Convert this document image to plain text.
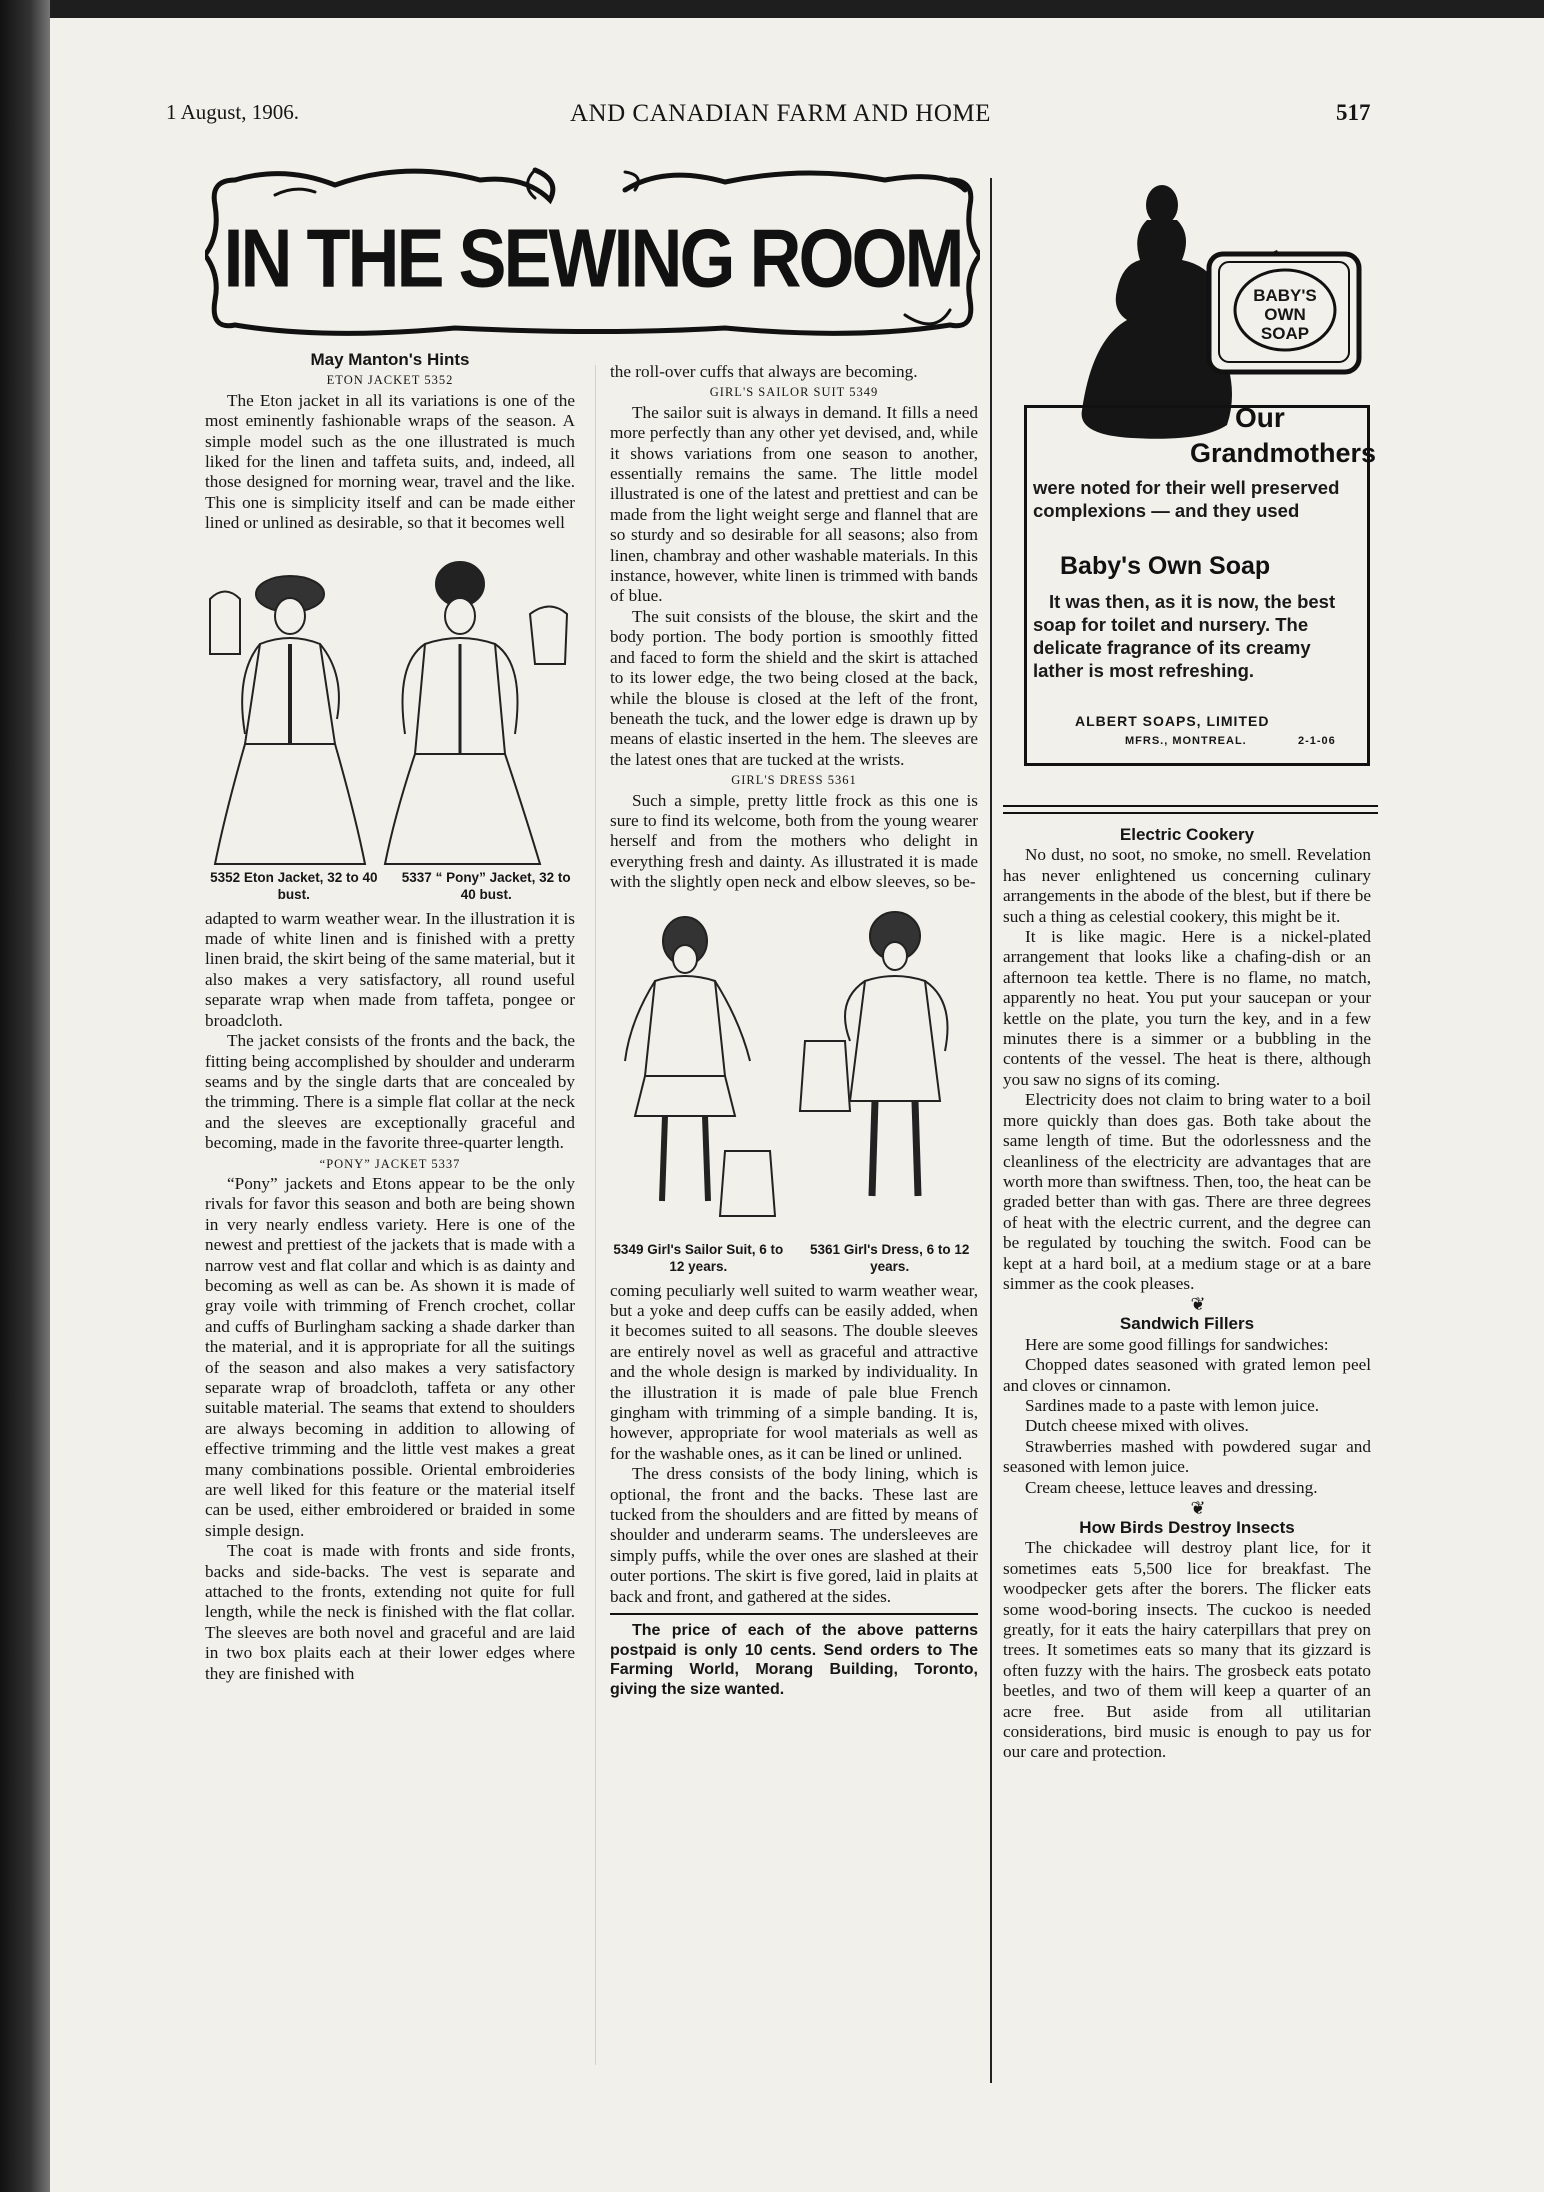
1 August, 1906.	AND CANADIAN FARM AND HOME	517
IN THE SEWING ROOM

May Manton's Hints

ETON JACKET 5352

The Eton jacket in all its variations is one of the most eminently fashionable wraps of the season. A simple model such as the one illustrated is much liked for the linen and taffeta suits, and, indeed, all those designed for morning wear, travel and the like. This one is simplicity itself and can be made either lined or unlined as desirable, so that it becomes well

5352 Eton Jacket, 32 to 40 bust.
5337 “ Pony” Jacket, 32 to 40 bust.

adapted to warm weather wear. In the illustration it is made of white linen and is finished with a pretty linen braid, the skirt being of the same material, but it also makes a very satisfactory, all round useful separate wrap when made from taffeta, pongee or broadcloth.

The jacket consists of the fronts and the back, the fitting being accomplished by shoulder and underarm seams and by the single darts that are concealed by the trimming. There is a simple flat collar at the neck and the sleeves are exceptionally graceful and becoming, made in the favorite three-quarter length.

“PONY” JACKET 5337

“Pony” jackets and Etons appear to be the only rivals for favor this season and both are being shown in very nearly endless variety. Here is one of the newest and prettiest of the jackets that is made with a narrow vest and flat collar and which is as dainty and becoming as well as can be. As shown it is made of gray voile with trimming of French crochet, collar and cuffs of Burlingham sacking a shade darker than the material, and it is appropriate for all the suitings of the season and also makes a very satisfactory separate wrap of broadcloth, taffeta or any other suitable material. The seams that extend to shoulders are always becoming in addition to allowing of effective trimming and the little vest makes a great many combinations possible. Oriental embroideries are well liked for this feature or the material itself can be used, either embroidered or braided in some simple design.

The coat is made with fronts and side fronts, backs and side-backs. The vest is separate and attached to the fronts, extending not quite for full length, while the neck is finished with the flat collar. The sleeves are both novel and graceful and are laid in two box plaits each at their lower edges where they are finished with

the roll-over cuffs that always are becoming.

GIRL'S SAILOR SUIT 5349

The sailor suit is always in demand. It fills a need more perfectly than any other yet devised, and, while it shows variations from one season to another, essentially remains the same. The little model illustrated is one of the latest and prettiest and can be made from the light weight serge and flannel that are so sturdy and so desirable for all seasons; also from linen, chambray and other washable materials. In this instance, however, white linen is trimmed with bands of blue.

The suit consists of the blouse, the skirt and the body portion. The body portion is smoothly fitted and faced to form the shield and the skirt is attached to its lower edge, the two being closed at the back, while the blouse is closed at the left of the front, beneath the tuck, and the lower edge is drawn up by means of elastic inserted in the hem. The sleeves are the latest ones that are tucked at the wrists.

GIRL'S DRESS 5361

Such a simple, pretty little frock as this one is sure to find its welcome, both from the young wearer herself and from the mothers who delight in everything fresh and dainty. As illustrated it is made with the slightly open neck and elbow sleeves, so be-

5349 Girl's Sailor Suit, 6 to 12 years.
5361 Girl's Dress, 6 to 12 years.

coming peculiarly well suited to warm weather wear, but a yoke and deep cuffs can be easily added, when it becomes suited to all seasons. The double sleeves are entirely novel as well as graceful and attractive and the whole design is marked by individuality. In the illustration it is made of pale blue French gingham with trimming of a simple banding. It is, however, appropriate for wool materials as well as for the washable ones, as it can be lined or unlined.

The dress consists of the body lining, which is optional, the front and the backs. These last are tucked from the shoulders and are fitted by means of shoulder and underarm seams. The undersleeves are simply puffs, while the over ones are slashed at their outer portions. The skirt is five gored, laid in plaits at back and front, and gathered at the sides.

The price of each of the above patterns postpaid is only 10 cents. Send orders to The Farming World, Morang Building, Toronto, giving the size wanted.

BABY'S OWN SOAP
Our
Grandmothers
were noted for their well preserved complexions — and they used
Baby's Own Soap
It was then, as it is now, the best soap for toilet and nursery. The delicate fragrance of its creamy lather is most refreshing.
ALBERT SOAPS, LIMITED
MFRS., MONTREAL.	2-1-06

Electric Cookery

No dust, no soot, no smoke, no smell. Revelation has never enlightened us concerning culinary arrangements in the abode of the blest, but if there be such a thing as celestial cookery, this might be it.

It is like magic. Here is a nickel-plated arrangement that looks like a chafing-dish or an afternoon tea kettle. There is no flame, no match, apparently no heat. You put your saucepan or your kettle on the plate, you turn the key, and in a few minutes there is a simmer or a bubbling in the contents of the vessel. The heat is there, although you saw no signs of its coming.

Electricity does not claim to bring water to a boil more quickly than does gas. Both take about the same length of time. But the odorlessness and the cleanliness of the electricity are advantages that are worth more than swiftness. Then, too, the heat can be graded better than with gas. There are three degrees of heat with the electric current, and the degree can be regulated by touching the switch. Food can be kept at a hard boil, at a medium stage or at a bare simmer as the cook pleases.

❦

Sandwich Fillers

Here are some good fillings for sandwiches:

Chopped dates seasoned with grated lemon peel and cloves or cinnamon.

Sardines made to a paste with lemon juice.

Dutch cheese mixed with olives.

Strawberries mashed with powdered sugar and seasoned with lemon juice.

Cream cheese, lettuce leaves and dressing.

❦

How Birds Destroy Insects

The chickadee will destroy plant lice, for it sometimes eats 5,500 lice for breakfast. The woodpecker gets after the borers. The flicker eats some wood-boring insects. The cuckoo is needed greatly, for it eats the hairy caterpillars that prey on trees. It sometimes eats so many that its gizzard is often fuzzy with the hairs. The grosbeck eats potato beetles, and two of them will keep a quarter of an acre free. But aside from all utilitarian considerations, bird music is enough to pay us for our care and protection.
